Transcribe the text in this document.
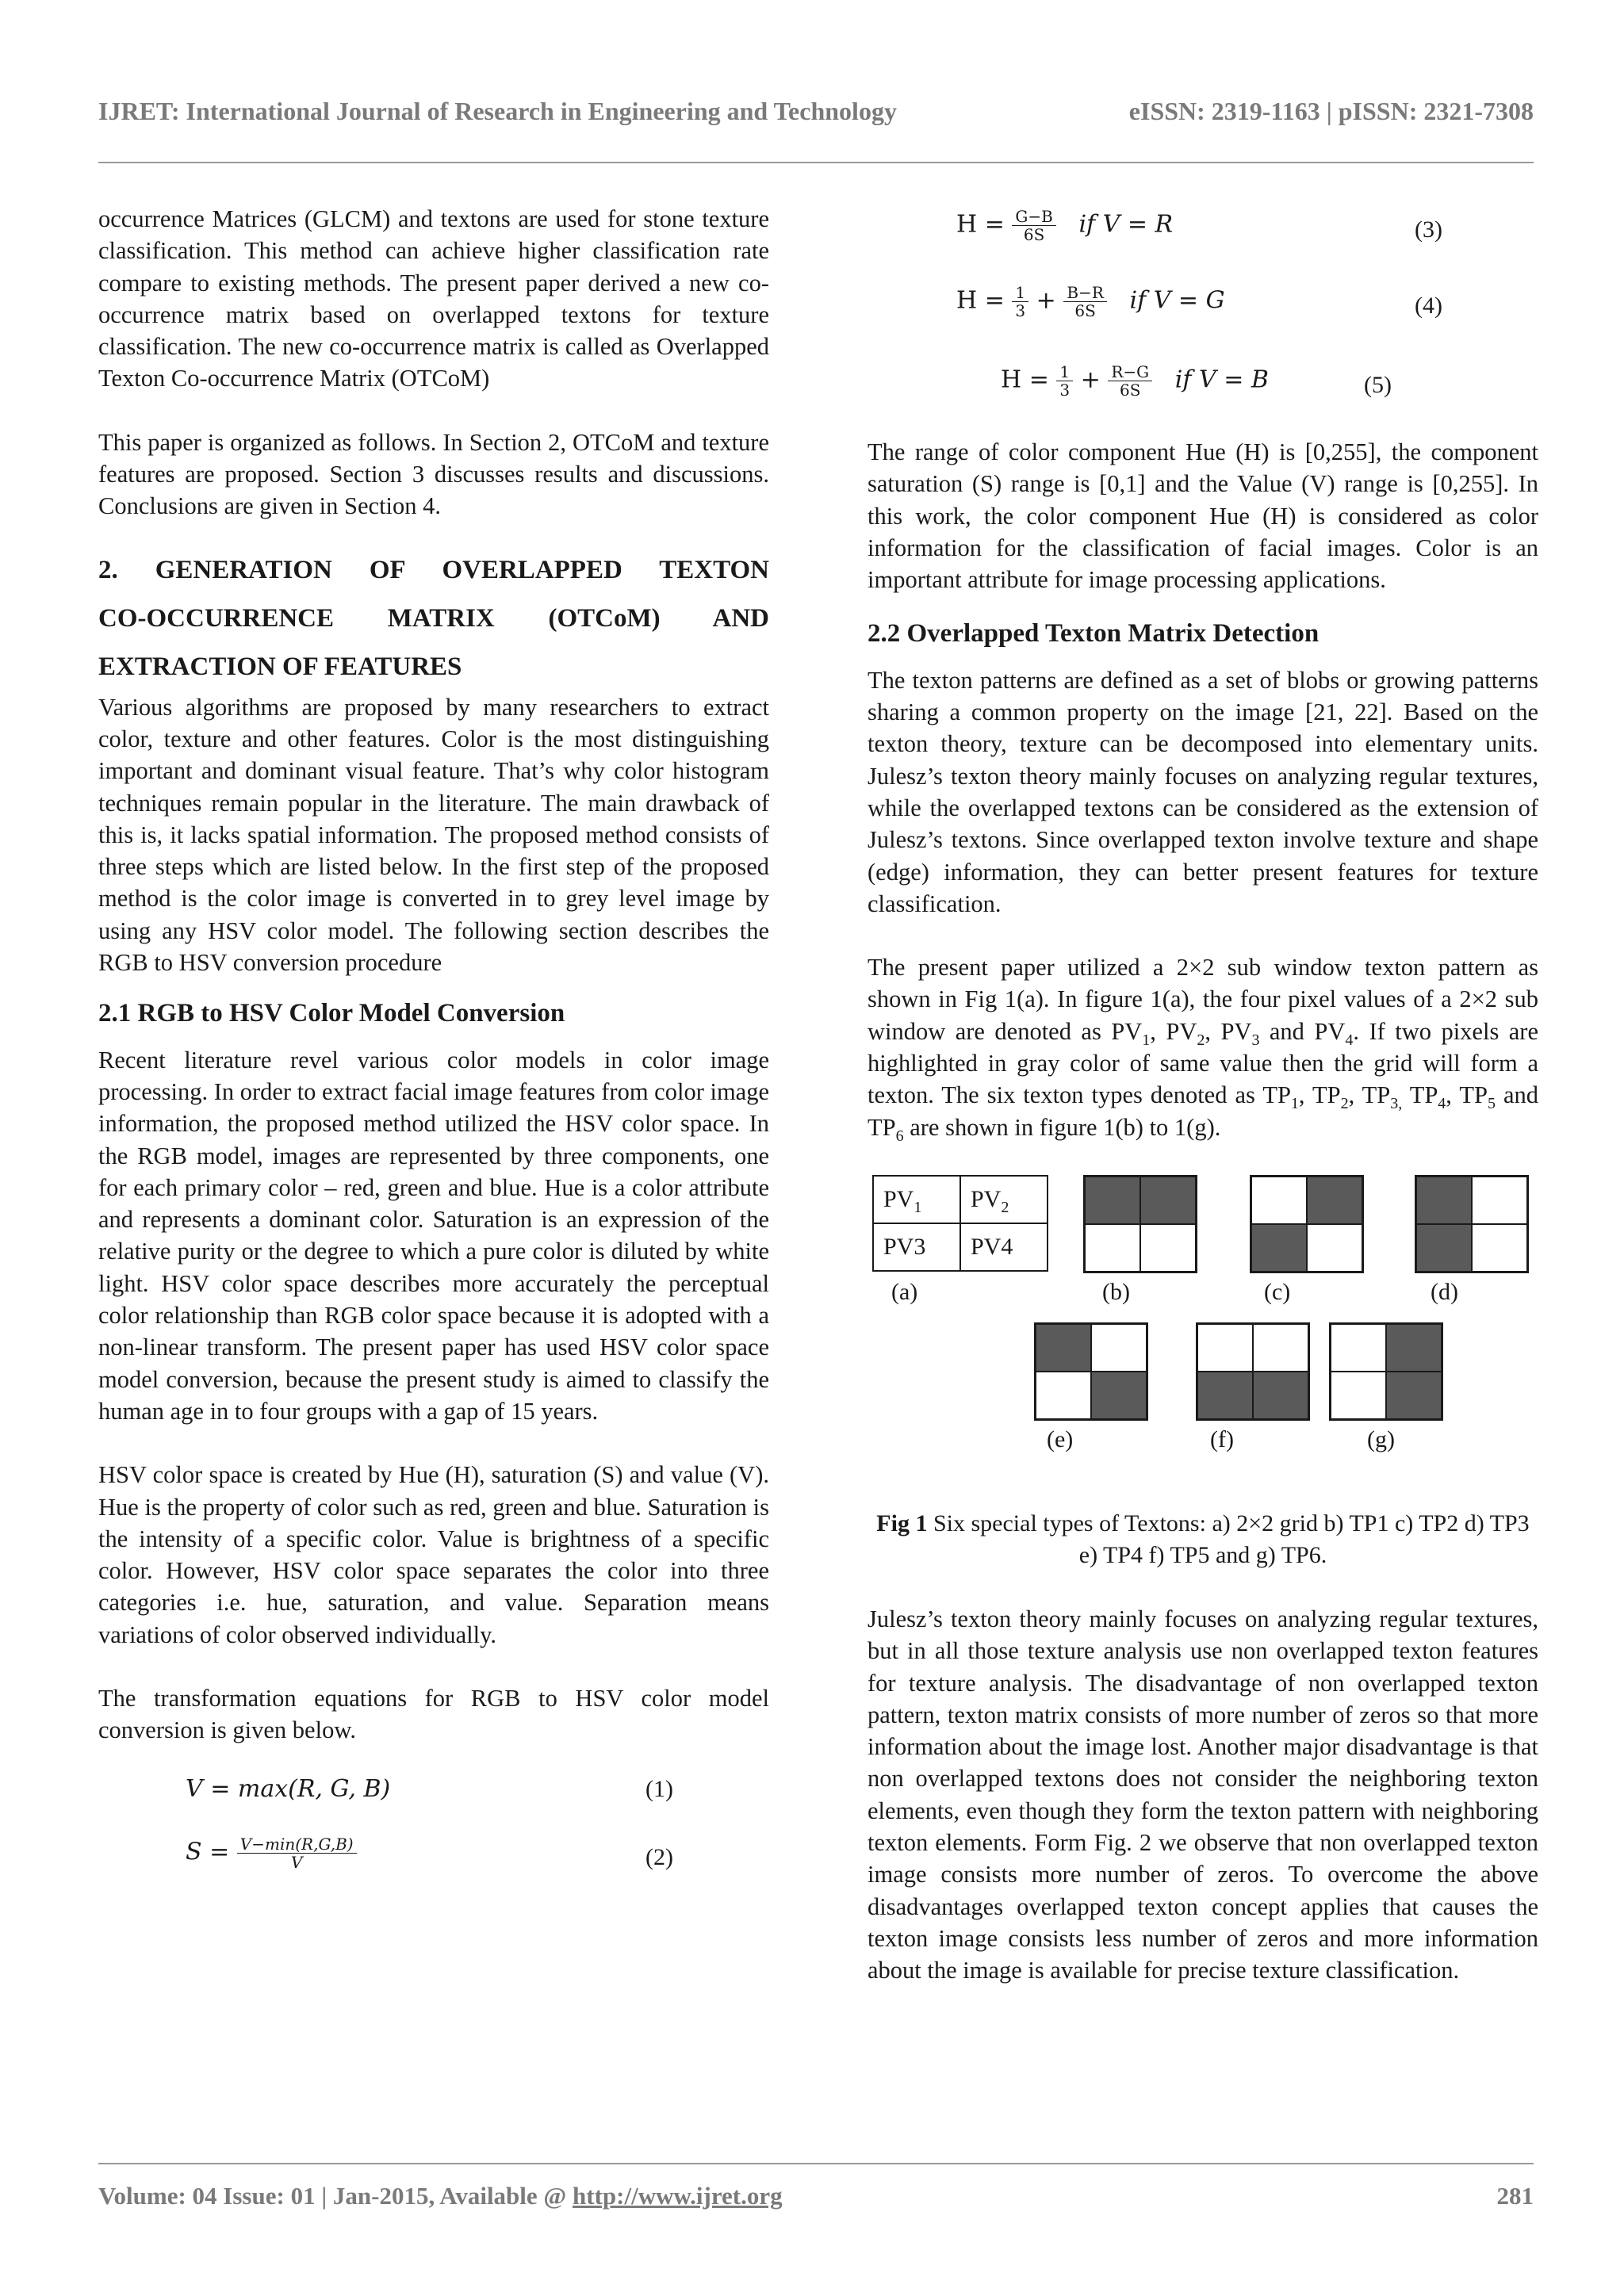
IJRET: International Journal of Research in Engineering and Technology	eISSN: 2319-1163 | pISSN: 2321-7308

occurrence Matrices (GLCM) and textons are used for stone texture classification. This method can achieve higher classification rate compare to existing methods. The present paper derived a new co-occurrence matrix based on overlapped textons for texture classification. The new co-occurrence matrix is called as Overlapped Texton Co-occurrence Matrix (OTCoM)

This paper is organized as follows. In Section 2, OTCoM and texture features are proposed. Section 3 discusses results and discussions. Conclusions are given in Section 4.

2. GENERATION OF OVERLAPPED TEXTON
CO-OCCURRENCE MATRIX (OTCoM) AND
EXTRACTION OF FEATURES

Various algorithms are proposed by many researchers to extract color, texture and other features. Color is the most distinguishing important and dominant visual feature. That’s why color histogram techniques remain popular in the literature. The main drawback of this is, it lacks spatial information. The proposed method consists of three steps which are listed below. In the first step of the proposed method is the color image is converted in to grey level image by using any HSV color model. The following section describes the RGB to HSV conversion procedure

2.1 RGB to HSV Color Model Conversion

Recent literature revel various color models in color image processing. In order to extract facial image features from color image information, the proposed method utilized the HSV color space. In the RGB model, images are represented by three components, one for each primary color – red, green and blue. Hue is a color attribute and represents a dominant color. Saturation is an expression of the relative purity or the degree to which a pure color is diluted by white light. HSV color space describes more accurately the perceptual color relationship than RGB color space because it is adopted with a non-linear transform. The present paper has used HSV color space model conversion, because the present study is aimed to classify the human age in to four groups with a gap of 15 years.

HSV color space is created by Hue (H), saturation (S) and value (V). Hue is the property of color such as red, green and blue. Saturation is the intensity of a specific color. Value is brightness of a specific color. However, HSV color space separates the color into three categories i.e. hue, saturation, and value. Separation means variations of color observed individually.

The transformation equations for RGB to HSV color model conversion is given below.

V = max(R, G, B)	(1)
$S = \frac{V-\min(R,G,B)}{V}$	(2)
$H = \frac{G-B}{6S}$ if V = R	(3)
$H = \frac{1}{3} + \frac{B-R}{6S}$ if V = G	(4)
$H = \frac{1}{3} + \frac{R-G}{6S}$ if V = B	(5)

The range of color component Hue (H) is [0,255], the component saturation (S) range is [0,1] and the Value (V) range is [0,255]. In this work, the color component Hue (H) is considered as color information for the classification of facial images. Color is an important attribute for image processing applications.

2.2 Overlapped Texton Matrix Detection

The texton patterns are defined as a set of blobs or growing patterns sharing a common property on the image [21, 22]. Based on the texton theory, texture can be decomposed into elementary units. Julesz’s texton theory mainly focuses on analyzing regular textures, while the overlapped textons can be considered as the extension of Julesz’s textons. Since overlapped texton involve texture and shape (edge) information, they can better present features for texture classification.

The present paper utilized a 2×2 sub window texton pattern as shown in Fig 1(a). In figure 1(a), the four pixel values of a 2×2 sub window are denoted as $PV_1$, $PV_2$, $PV_3$ and $PV_4$. If two pixels are highlighted in gray color of same value then the grid will form a texton. The six texton types denoted as $TP_1$, $TP_2$, $TP_{3,}$ $TP_4$, $TP_5$ and $TP_6$ are shown in figure 1(b) to 1(g).

$PV_1$	$PV_2$
PV3	PV4
(a)	(b)	(c)	(d)
(e)	(f)	(g)

Fig 1 Six special types of Textons: a) 2×2 grid b) TP1 c) TP2 d) TP3 e) TP4 f) TP5 and g) TP6.

Julesz’s texton theory mainly focuses on analyzing regular textures, but in all those texture analysis use non overlapped texton features for texture analysis. The disadvantage of non overlapped texton pattern, texton matrix consists of more number of zeros so that more information about the image lost. Another major disadvantage is that non overlapped textons does not consider the neighboring texton elements, even though they form the texton pattern with neighboring texton elements. Form Fig. 2 we observe that non overlapped texton image consists more number of zeros. To overcome the above disadvantages overlapped texton concept applies that causes the texton image consists less number of zeros and more information about the image is available for precise texture classification.

Volume: 04 Issue: 01 | Jan-2015, Available @ http://www.ijret.org	281
